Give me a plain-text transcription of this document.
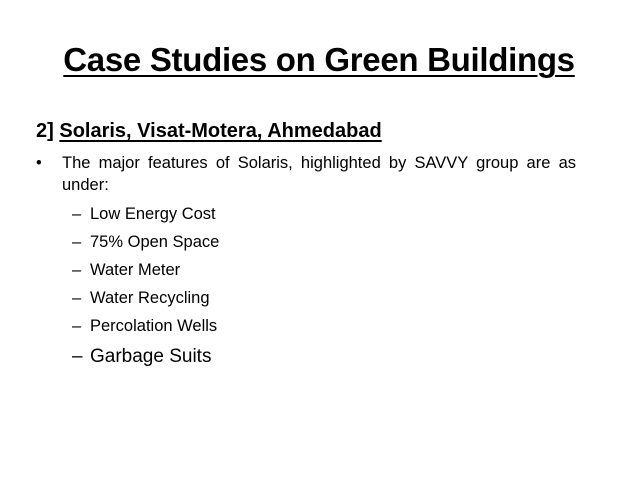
Case Studies on Green Buildings
2] Solaris, Visat-Motera, Ahmedabad
• The major features of Solaris, highlighted by SAVVY group are as under:
– Low Energy Cost
– 75% Open Space
– Water Meter
– Water Recycling
– Percolation Wells
– Garbage Suits
